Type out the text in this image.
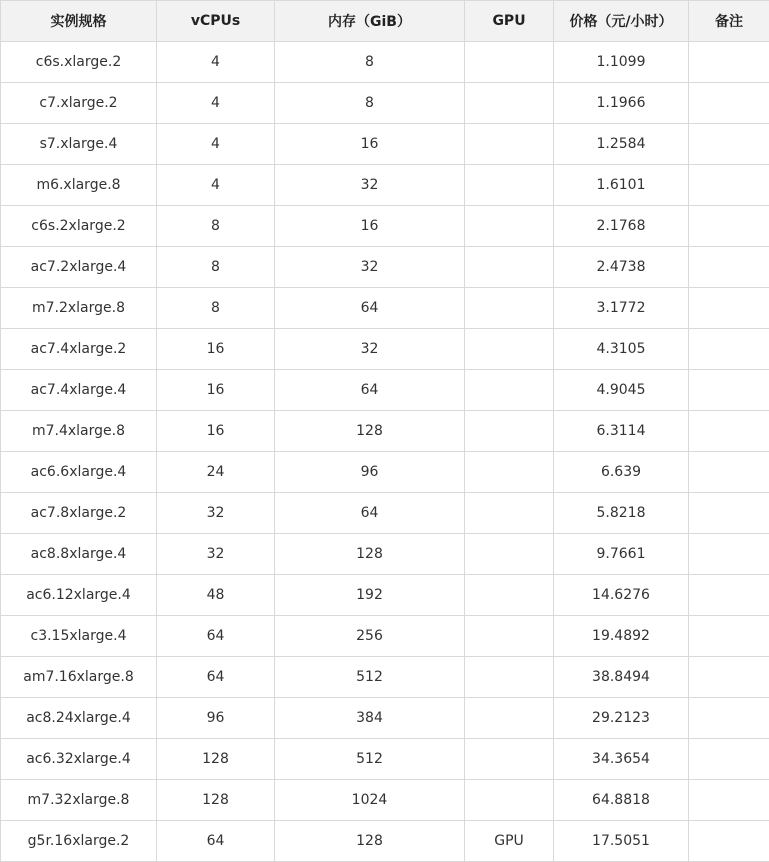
实例规格	vCPUs	内存（GiB）	GPU	价格（元/小时）	备注
c6s.xlarge.2	4	8		1.1099	
c7.xlarge.2	4	8		1.1966	
s7.xlarge.4	4	16		1.2584	
m6.xlarge.8	4	32		1.6101	
c6s.2xlarge.2	8	16		2.1768	
ac7.2xlarge.4	8	32		2.4738	
m7.2xlarge.8	8	64		3.1772	
ac7.4xlarge.2	16	32		4.3105	
ac7.4xlarge.4	16	64		4.9045	
m7.4xlarge.8	16	128		6.3114	
ac6.6xlarge.4	24	96		6.639	
ac7.8xlarge.2	32	64		5.8218	
ac8.8xlarge.4	32	128		9.7661	
ac6.12xlarge.4	48	192		14.6276	
c3.15xlarge.4	64	256		19.4892	
am7.16xlarge.8	64	512		38.8494	
ac8.24xlarge.4	96	384		29.2123	
ac6.32xlarge.4	128	512		34.3654	
m7.32xlarge.8	128	1024		64.8818	
g5r.16xlarge.2	64	128	GPU	17.5051	
